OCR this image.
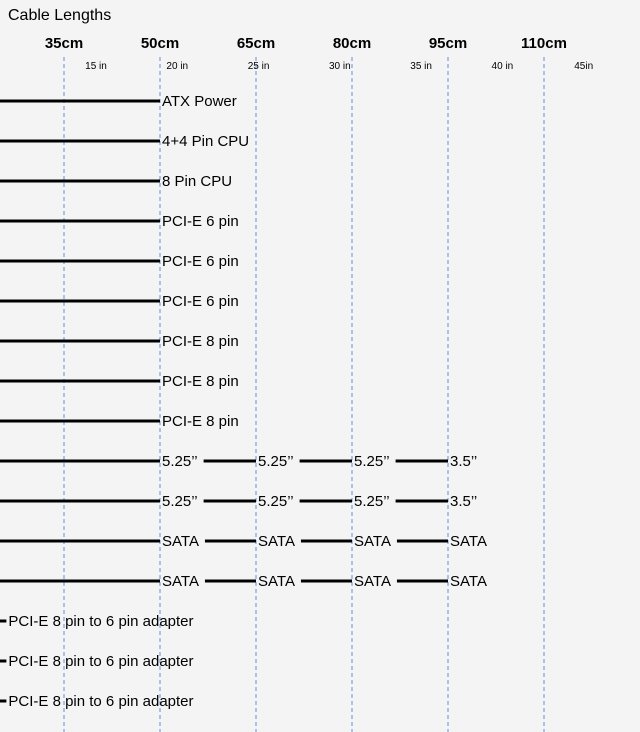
Cable Lengths
35cm	50cm	65cm	80cm	95cm	110cm
15 in	20 in	25 in	30 in	35 in	40 in	45in
ATX Power
4+4 Pin CPU
8 Pin CPU
PCI-E 6 pin
PCI-E 6 pin
PCI-E 6 pin
PCI-E 8 pin
PCI-E 8 pin
PCI-E 8 pin
5.25’’	5.25’’	5.25’’	3.5’’
5.25’’	5.25’’	5.25’’	3.5’’
SATA	SATA	SATA	SATA
SATA	SATA	SATA	SATA
PCI-E 8 pin to 6 pin adapter
PCI-E 8 pin to 6 pin adapter
PCI-E 8 pin to 6 pin adapter
